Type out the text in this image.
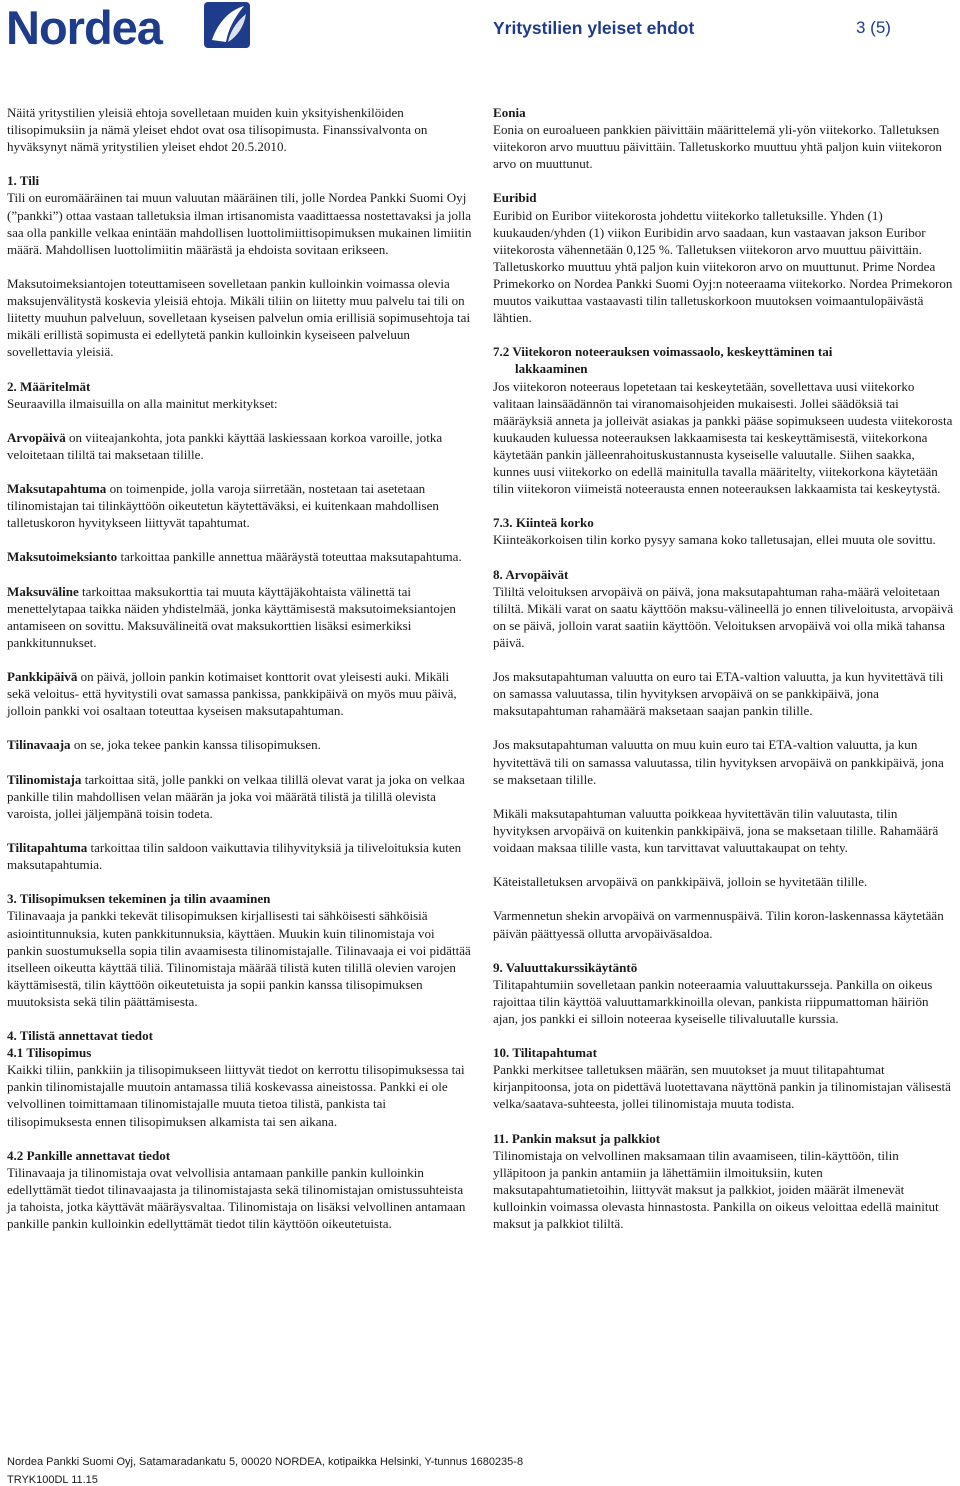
Nordea	Yritystilien yleiset ehdot	3 (5)

Näitä yritystilien yleisiä ehtoja sovelletaan muiden kuin yksityishenkilöiden tilisopimuksiin ja nämä yleiset ehdot ovat osa tilisopimusta. Finanssivalvonta on hyväksynyt nämä yritystilien yleiset ehdot 20.5.2010.

1. Tili

Tili on euromääräinen tai muun valuutan määräinen tili, jolle Nordea Pankki Suomi Oyj (”pankki”) ottaa vastaan talletuksia ilman irtisanomista vaadittaessa nostettavaksi ja jolla saa olla pankille velkaa enintään mahdollisen luottolimiittisopimuksen mukainen limiitin määrä. Mahdollisen luottolimiitin määrästä ja ehdoista sovitaan erikseen.

Maksutoimeksiantojen toteuttamiseen sovelletaan pankin kulloinkin voimassa olevia maksujenvälitystä koskevia yleisiä ehtoja. Mikäli tiliin on liitetty muu palvelu tai tili on liitetty muuhun palveluun, sovelletaan kyseisen palvelun omia erillisiä sopimusehtoja tai mikäli erillistä sopimusta ei edellytetä pankin kulloinkin kyseiseen palveluun sovellettavia yleisiä.

2. Määritelmät

Seuraavilla ilmaisuilla on alla mainitut merkitykset:

Arvopäivä on viiteajankohta, jota pankki käyttää laskiessaan korkoa varoille, jotka veloitetaan tililtä tai maksetaan tilille.

Maksutapahtuma on toimenpide, jolla varoja siirretään, nostetaan tai asetetaan tilinomistajan tai tilinkäyttöön oikeutetun käytettäväksi, ei kuitenkaan mahdollisen talletuskoron hyvitykseen liittyvät tapahtumat.

Maksutoimeksianto tarkoittaa pankille annettua määräystä toteuttaa maksutapahtuma.

Maksuväline tarkoittaa maksukorttia tai muuta käyttäjäkohtaista välinettä tai menettelytapaa taikka näiden yhdistelmää, jonka käyttämisestä maksutoimeksiantojen antamiseen on sovittu. Maksuvälineitä ovat maksukorttien lisäksi esimerkiksi pankkitunnukset.

Pankkipäivä on päivä, jolloin pankin kotimaiset konttorit ovat yleisesti auki. Mikäli sekä veloitus- että hyvitystili ovat samassa pankissa, pankkipäivä on myös muu päivä, jolloin pankki voi osaltaan toteuttaa kyseisen maksutapahtuman.

Tilinavaaja on se, joka tekee pankin kanssa tilisopimuksen.

Tilinomistaja tarkoittaa sitä, jolle pankki on velkaa tilillä olevat varat ja joka on velkaa pankille tilin mahdollisen velan määrän ja joka voi määrätä tilistä ja tilillä olevista varoista, jollei jäljempänä toisin todeta.

Tilitapahtuma tarkoittaa tilin saldoon vaikuttavia tilihyvityksiä ja tiliveloituksia kuten maksutapahtumia.

3. Tilisopimuksen tekeminen ja tilin avaaminen

Tilinavaaja ja pankki tekevät tilisopimuksen kirjallisesti tai sähköisesti sähköisiä asiointitunnuksia, kuten pankkitunnuksia, käyttäen. Muukin kuin tilinomistaja voi pankin suostumuksella sopia tilin avaamisesta tilinomistajalle. Tilinavaaja ei voi pidättää itselleen oikeutta käyttää tiliä. Tilinomistaja määrää tilistä kuten tilillä olevien varojen käyttämisestä, tilin käyttöön oikeutetuista ja sopii pankin kanssa tilisopimuksen muutoksista sekä tilin päättämisesta.

4. Tilistä annettavat tiedot
4.1 Tilisopimus

Kaikki tiliin, pankkiin ja tilisopimukseen liittyvät tiedot on kerrottu tilisopimuksessa tai pankin tilinomistajalle muutoin antamassa tiliä koskevassa aineistossa. Pankki ei ole velvollinen toimittamaan tilinomistajalle muuta tietoa tilistä, pankista tai tilisopimuksesta ennen tilisopimuksen alkamista tai sen aikana.

4.2 Pankille annettavat tiedot

Tilinavaaja ja tilinomistaja ovat velvollisia antamaan pankille pankin kulloinkin edellyttämät tiedot tilinavaajasta ja tilinomistajasta sekä tilinomistajan omistussuhteista ja tahoista, jotka käyttävät määräysvaltaa. Tilinomistaja on lisäksi velvollinen antamaan pankille pankin kulloinkin edellyttämät tiedot tilin käyttöön oikeutetuista.

Eonia

Eonia on euroalueen pankkien päivittäin määrittelemä yli-yön viitekorko. Talletuksen viitekoron arvo muuttuu päivittäin. Talletuskorko muuttuu yhtä paljon kuin viitekoron arvo on muuttunut.

Euribid

Euribid on Euribor viitekorosta johdettu viitekorko talletuksille. Yhden (1) kuukauden/yhden (1) viikon Euribidin arvo saadaan, kun vastaavan jakson Euribor viitekorosta vähennetään 0,125 %. Talletuksen viitekoron arvo muuttuu päivittäin. Talletuskorko muuttuu yhtä paljon kuin viitekoron arvo on muuttunut. Prime Nordea Primekorko on Nordea Pankki Suomi Oyj:n noteeraama viitekorko. Nordea Primekoron muutos vaikuttaa vastaavasti tilin talletuskorkoon muutoksen voimaantulopäivästä lähtien.

7.2 Viitekoron noteerauksen voimassaolo, keskeyttäminen tai
lakkaaminen

Jos viitekoron noteeraus lopetetaan tai keskeytetään, sovellettava uusi viitekorko valitaan lainsäädännön tai viranomaisohjeiden mukaisesti. Jollei säädöksiä tai määräyksiä anneta ja jolleivät asiakas ja pankki pääse sopimukseen uudesta viitekorosta kuukauden kuluessa noteerauksen lakkaamisesta tai keskeyttämisestä, viitekorkona käytetään pankin jälleenrahoituskustannusta kyseiselle valuutalle. Siihen saakka, kunnes uusi viitekorko on edellä mainitulla tavalla määritelty, viitekorkona käytetään tilin viitekoron viimeistä noteerausta ennen noteerauksen lakkaamista tai keskeytystä.

7.3. Kiinteä korko

Kiinteäkorkoisen tilin korko pysyy samana koko talletusajan, ellei muuta ole sovittu.

8. Arvopäivät

Tililtä veloituksen arvopäivä on päivä, jona maksutapahtuman raha-määrä veloitetaan tililtä. Mikäli varat on saatu käyttöön maksu-välineellä jo ennen tiliveloitusta, arvopäivä on se päivä, jolloin varat saatiin käyttöön. Veloituksen arvopäivä voi olla mikä tahansa päivä.

Jos maksutapahtuman valuutta on euro tai ETA-valtion valuutta, ja kun hyvitettävä tili on samassa valuutassa, tilin hyvityksen arvopäivä on se pankkipäivä, jona maksutapahtuman rahamäärä maksetaan saajan pankin tilille.

Jos maksutapahtuman valuutta on muu kuin euro tai ETA-valtion valuutta, ja kun hyvitettävä tili on samassa valuutassa, tilin hyvityksen arvopäivä on pankkipäivä, jona se maksetaan tilille.

Mikäli maksutapahtuman valuutta poikkeaa hyvitettävän tilin valuutasta, tilin hyvityksen arvopäivä on kuitenkin pankkipäivä, jona se maksetaan tilille. Rahamäärä voidaan maksaa tilille vasta, kun tarvittavat valuuttakaupat on tehty.

Käteistalletuksen arvopäivä on pankkipäivä, jolloin se hyvitetään tilille.

Varmennetun shekin arvopäivä on varmennuspäivä. Tilin koron-laskennassa käytetään päivän päättyessä ollutta arvopäiväsaldoa.

9. Valuuttakurssikäytäntö

Tilitapahtumiin sovelletaan pankin noteeraamia valuuttakursseja. Pankilla on oikeus rajoittaa tilin käyttöä valuuttamarkkinoilla olevan, pankista riippumattoman häiriön ajan, jos pankki ei silloin noteeraa kyseiselle tilivaluutalle kurssia.

10. Tilitapahtumat

Pankki merkitsee talletuksen määrän, sen muutokset ja muut tilitapahtumat kirjanpitoonsa, jota on pidettävä luotettavana näyttönä pankin ja tilinomistajan välisestä velka/saatava-suhteesta, jollei tilinomistaja muuta todista.

11. Pankin maksut ja palkkiot

Tilinomistaja on velvollinen maksamaan tilin avaamiseen, tilin-käyttöön, tilin ylläpitoon ja pankin antamiin ja lähettämiin ilmoituksiin, kuten maksutapahtumatietoihin, liittyvät maksut ja palkkiot, joiden määrät ilmenevät kulloinkin voimassa olevasta hinnastosta. Pankilla on oikeus veloittaa edellä mainitut maksut ja palkkiot tililtä.

Nordea Pankki Suomi Oyj, Satamaradankatu 5, 00020 NORDEA, kotipaikka Helsinki, Y-tunnus 1680235-8
TRYK100DL 11.15
